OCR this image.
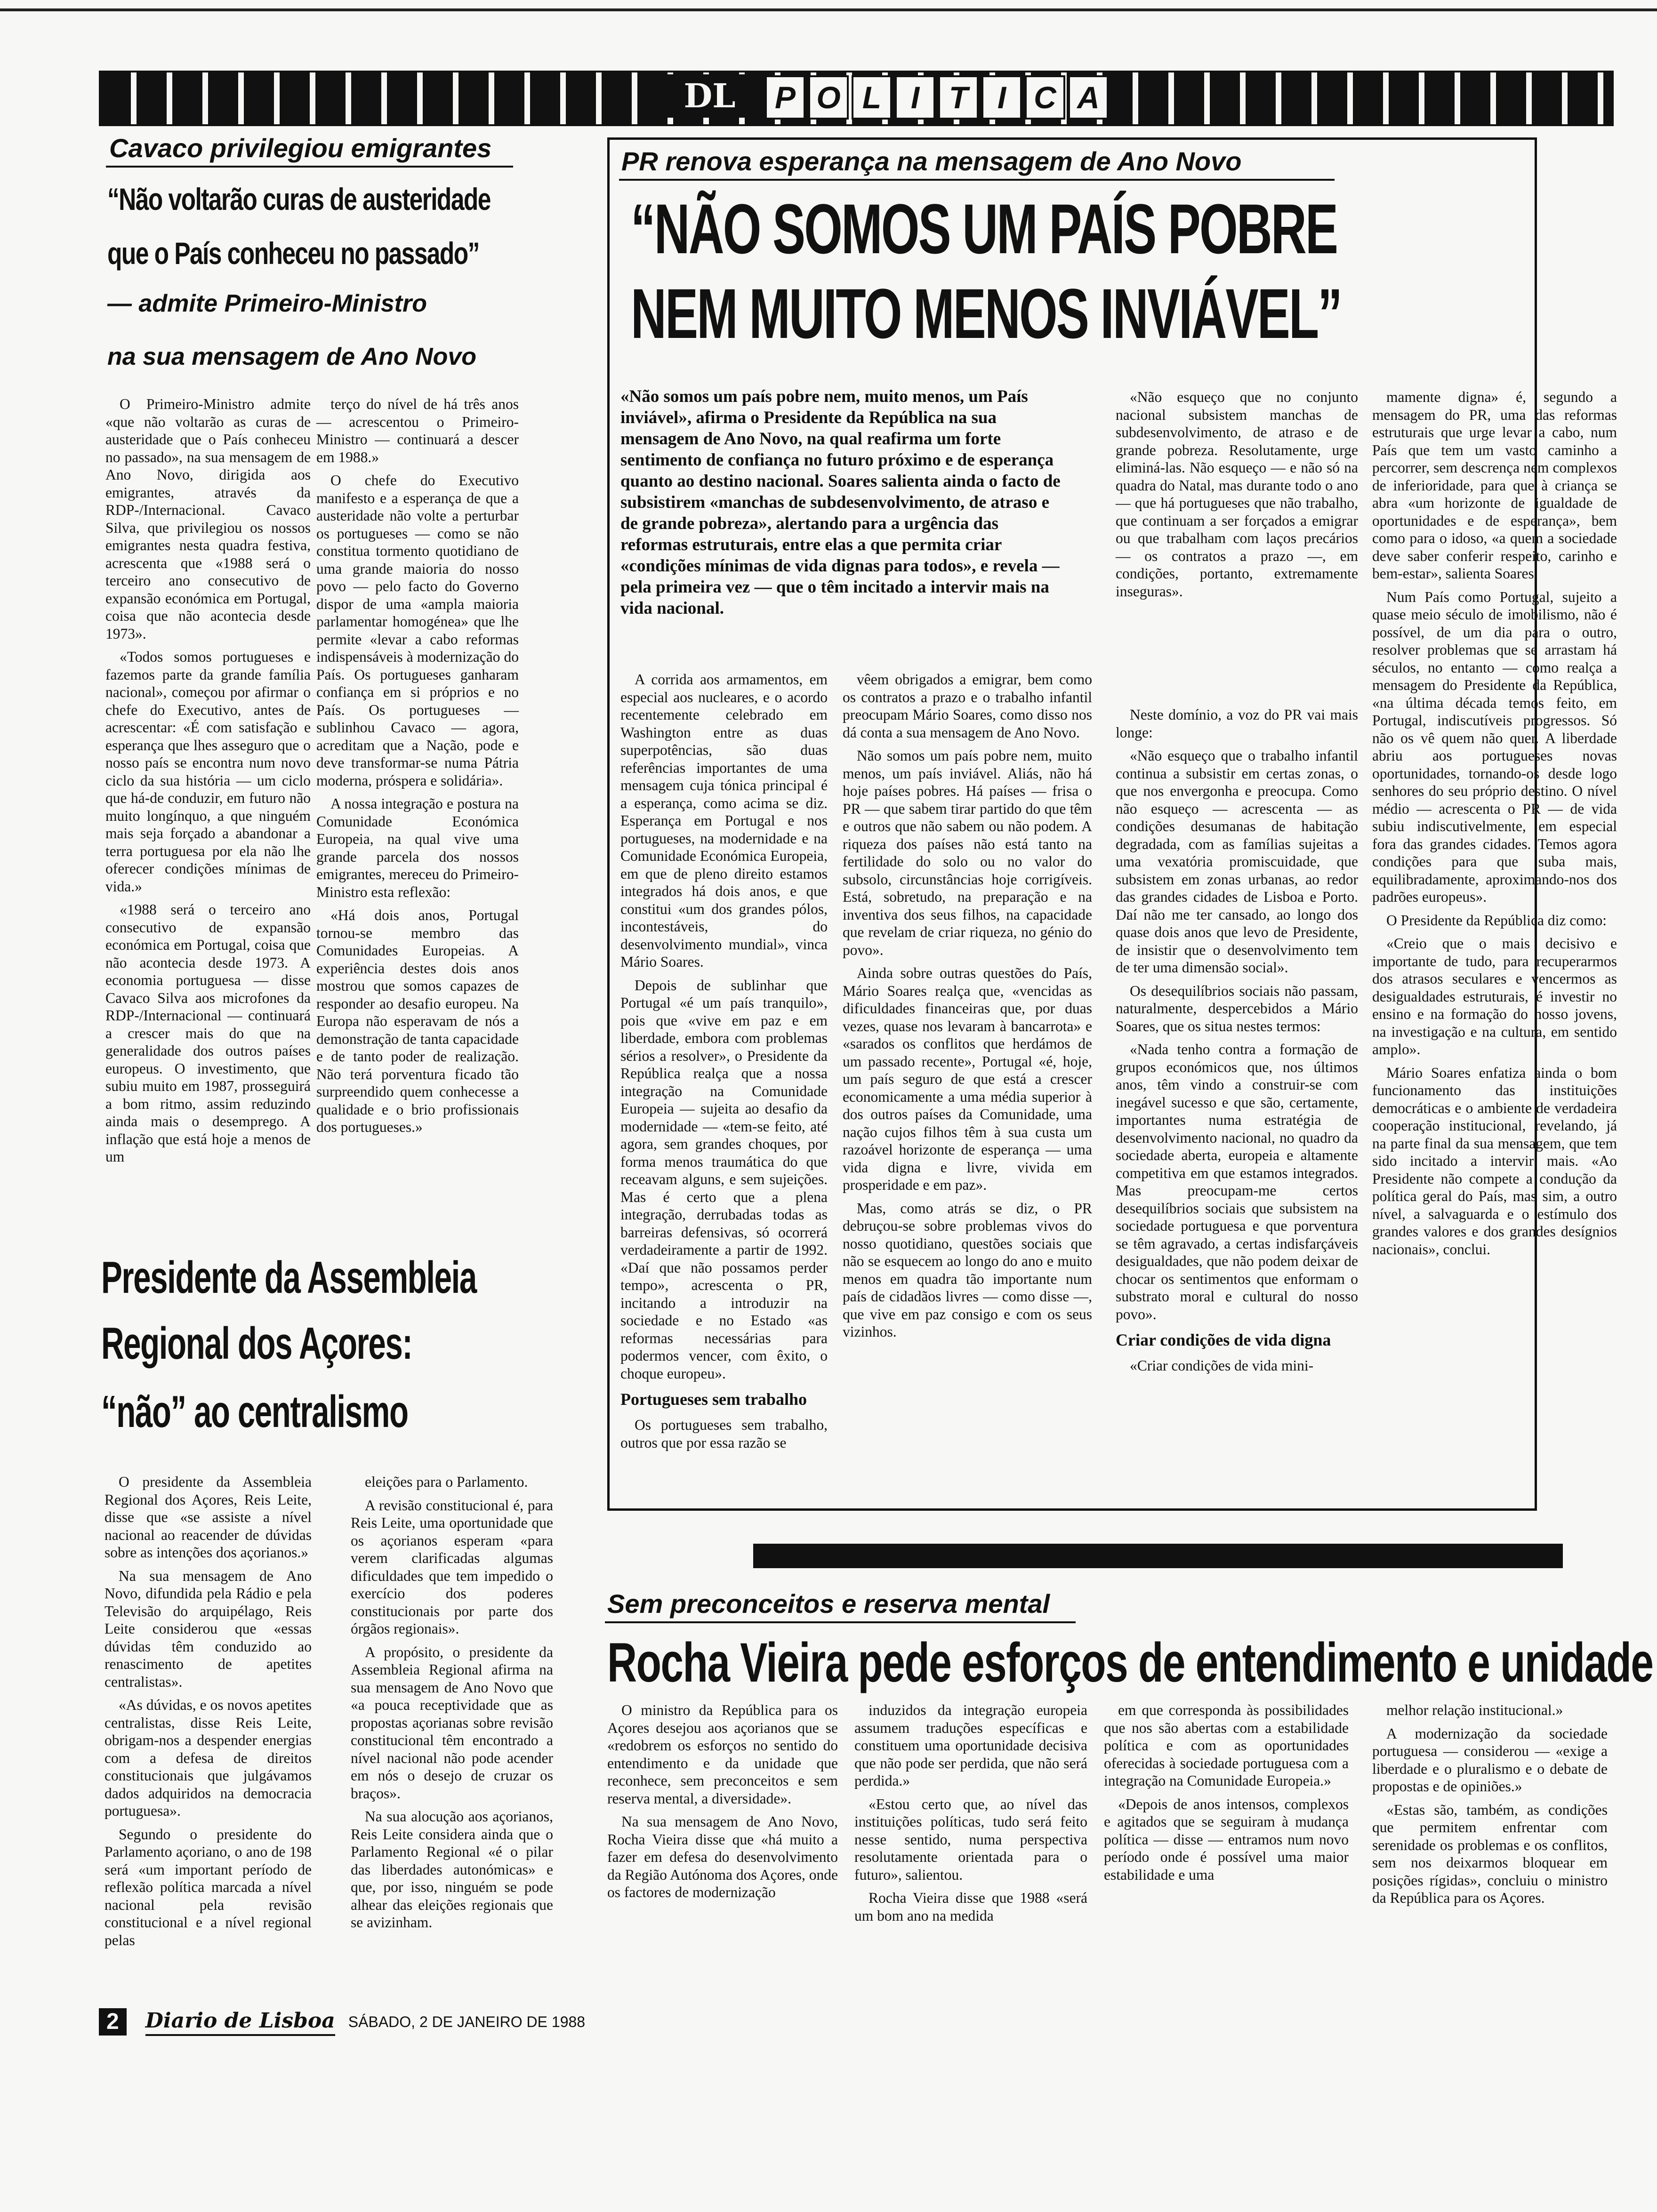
DL	P O L I T I C A
Cavaco privilegiou emigrantes
“Não voltarão curas de austeridade
que o País conheceu no passado”
— admite Primeiro-Ministro
na sua mensagem de Ano Novo

O Primeiro-Ministro admite «que não voltarão as curas de austeridade que o País conheceu no passado», na sua mensagem de Ano Novo, dirigida aos emigrantes, através da RDP-/Internacional. Cavaco Silva, que privilegiou os nossos emigrantes nesta quadra festiva, acrescenta que «1988 será o terceiro ano consecutivo de expansão económica em Portugal, coisa que não acontecia desde 1973».

«Todos somos portugueses e fazemos parte da grande família nacional», começou por afirmar o chefe do Executivo, antes de acrescentar: «É com satisfação e esperança que lhes asseguro que o nosso país se encontra num novo ciclo da sua história — um ciclo que há-de conduzir, em futuro não muito longínquo, a que ninguém mais seja forçado a abandonar a terra portuguesa por ela não lhe oferecer condições mínimas de vida.»

«1988 será o terceiro ano consecutivo de expansão económica em Portugal, coisa que não acontecia desde 1973. A economia portuguesa — disse Cavaco Silva aos microfones da RDP-/Internacional — continuará a crescer mais do que na generalidade dos outros países europeus. O investimento, que subiu muito em 1987, prosseguirá a bom ritmo, assim reduzindo ainda mais o desemprego. A inflação que está hoje a menos de um

terço do nível de há três anos — acrescentou o Primeiro-Ministro — continuará a descer em 1988.»

O chefe do Executivo manifesto e a esperança de que a austeridade não volte a perturbar os portugueses — como se não constitua tormento quotidiano de uma grande maioria do nosso povo — pelo facto do Governo dispor de uma «ampla maioria parlamentar homogénea» que lhe permite «levar a cabo reformas indispensáveis à modernização do País. Os portugueses ganharam confiança em si próprios e no País. Os portugueses — sublinhou Cavaco — agora, acreditam que a Nação, pode e deve transformar-se numa Pátria moderna, próspera e solidária».

A nossa integração e postura na Comunidade Económica Europeia, na qual vive uma grande parcela dos nossos emigrantes, mereceu do Primeiro-Ministro esta reflexão:

«Há dois anos, Portugal tornou-se membro das Comunidades Europeias. A experiência destes dois anos mostrou que somos capazes de responder ao desafio europeu. Na Europa não esperavam de nós a demonstração de tanta capacidade e de tanto poder de realização. Não terá porventura ficado tão surpreendido quem conhecesse a qualidade e o brio profissionais dos portugueses.»

PR renova esperança na mensagem de Ano Novo
“NÃO SOMOS UM PAÍS POBRE
NEM MUITO MENOS INVIÁVEL”

«Não somos um país pobre nem, muito menos, um País inviável», afirma o Presidente da República na sua mensagem de Ano Novo, na qual reafirma um forte sentimento de confiança no futuro próximo e de esperança quanto ao destino nacional. Soares salienta ainda o facto de subsistirem «manchas de subdesenvolvimento, de atraso e de grande pobreza», alertando para a urgência das reformas estruturais, entre elas a que permita criar «condições mínimas de vida dignas para todos», e revela — pela primeira vez — que o têm incitado a intervir mais na vida nacional.

«Não esqueço que no conjunto nacional subsistem manchas de subdesenvolvimento, de atraso e de grande pobreza. Resolutamente, urge eliminá-las. Não esqueço — e não só na quadra do Natal, mas durante todo o ano — que há portugueses que não trabalho, que continuam a ser forçados a emigrar ou que trabalham com laços precários — os contratos a prazo —, em condições, portanto, extremamente inseguras».

A corrida aos armamentos, em especial aos nucleares, e o acordo recentemente celebrado em Washington entre as duas superpotências, são duas referências importantes de uma mensagem cuja tónica principal é a esperança, como acima se diz. Esperança em Portugal e nos portugueses, na modernidade e na Comunidade Económica Europeia, em que de pleno direito estamos integrados há dois anos, e que constitui «um dos grandes pólos, incontestáveis, do desenvolvimento mundial», vinca Mário Soares.

Depois de sublinhar que Portugal «é um país tranquilo», pois que «vive em paz e em liberdade, embora com problemas sérios a resolver», o Presidente da República realça que a nossa integração na Comunidade Europeia — sujeita ao desafio da modernidade — «tem-se feito, até agora, sem grandes choques, por forma menos traumática do que receavam alguns, e sem sujeições. Mas é certo que a plena integração, derrubadas todas as barreiras defensivas, só ocorrerá verdadeiramente a partir de 1992. «Daí que não possamos perder tempo», acrescenta o PR, incitando a introduzir na sociedade e no Estado «as reformas necessárias para podermos vencer, com êxito, o choque europeu».

Portugueses sem trabalho

Os portugueses sem trabalho, outros que por essa razão se

vêem obrigados a emigrar, bem como os contratos a prazo e o trabalho infantil preocupam Mário Soares, como disso nos dá conta a sua mensagem de Ano Novo.

Não somos um país pobre nem, muito menos, um país inviável. Aliás, não há hoje países pobres. Há países — frisa o PR — que sabem tirar partido do que têm e outros que não sabem ou não podem. A riqueza dos países não está tanto na fertilidade do solo ou no valor do subsolo, circunstâncias hoje corrigíveis. Está, sobretudo, na preparação e na inventiva dos seus filhos, na capacidade que revelam de criar riqueza, no génio do povo».

Ainda sobre outras questões do País, Mário Soares realça que, «vencidas as dificuldades financeiras que, por duas vezes, quase nos levaram à bancarrota» e «sarados os conflitos que herdámos de um passado recente», Portugal «é, hoje, um país seguro de que está a crescer economicamente a uma média superior à dos outros países da Comunidade, uma nação cujos filhos têm à sua custa um razoável horizonte de esperança — uma vida digna e livre, vivida em prosperidade e em paz».

Mas, como atrás se diz, o PR debruçou-se sobre problemas vivos do nosso quotidiano, questões sociais que não se esquecem ao longo do ano e muito menos em quadra tão importante num país de cidadãos livres — como disse —, que vive em paz consigo e com os seus vizinhos.

Neste domínio, a voz do PR vai mais longe:

«Não esqueço que o trabalho infantil continua a subsistir em certas zonas, o que nos envergonha e preocupa. Como não esqueço — acrescenta — as condições desumanas de habitação degradada, com as famílias sujeitas a uma vexatória promiscuidade, que subsistem em zonas urbanas, ao redor das grandes cidades de Lisboa e Porto. Daí não me ter cansado, ao longo dos quase dois anos que levo de Presidente, de insistir que o desenvolvimento tem de ter uma dimensão social».

Os desequilíbrios sociais não passam, naturalmente, despercebidos a Mário Soares, que os situa nestes termos:

«Nada tenho contra a formação de grupos económicos que, nos últimos anos, têm vindo a construir-se com inegável sucesso e que são, certamente, importantes numa estratégia de desenvolvimento nacional, no quadro da sociedade aberta, europeia e altamente competitiva em que estamos integrados. Mas preocupam-me certos desequilíbrios sociais que subsistem na sociedade portuguesa e que porventura se têm agravado, a certas indisfarçáveis desigualdades, que não podem deixar de chocar os sentimentos que enformam o substrato moral e cultural do nosso povo».

Criar condições de vida digna

«Criar condições de vida mini-

mamente digna» é, segundo a mensagem do PR, uma das reformas estruturais que urge levar a cabo, num País que tem um vasto caminho a percorrer, sem descrença nem complexos de inferioridade, para que à criança se abra «um horizonte de igualdade de oportunidades e de esperança», bem como para o idoso, «a quem a sociedade deve saber conferir respeito, carinho e bem-estar», salienta Soares.

Num País como Portugal, sujeito a quase meio século de imobilismo, não é possível, de um dia para o outro, resolver problemas que se arrastam há séculos, no entanto — como realça a mensagem do Presidente da República, «na última década temos feito, em Portugal, indiscutíveis progressos. Só não os vê quem não quer. A liberdade abriu aos portugueses novas oportunidades, tornando-os desde logo senhores do seu próprio destino. O nível médio — acrescenta o PR — de vida subiu indiscutivelmente, em especial fora das grandes cidades. Temos agora condições para que suba mais, equilibradamente, aproximando-nos dos padrões europeus».

O Presidente da República diz como:

«Creio que o mais decisivo e importante de tudo, para recuperarmos dos atrasos seculares e vencermos as desigualdades estruturais, é investir no ensino e na formação do nosso jovens, na investigação e na cultura, em sentido amplo».

Mário Soares enfatiza ainda o bom funcionamento das instituições democráticas e o ambiente de verdadeira cooperação institucional, revelando, já na parte final da sua mensagem, que tem sido incitado a intervir mais. «Ao Presidente não compete a condução da política geral do País, mas sim, a outro nível, a salvaguarda e o estímulo dos grandes valores e dos grandes desígnios nacionais», conclui.

Presidente da Assembleia
Regional dos Açores:
“não” ao centralismo

O presidente da Assembleia Regional dos Açores, Reis Leite, disse que «se assiste a nível nacional ao reacender de dúvidas sobre as intenções dos açorianos.»

Na sua mensagem de Ano Novo, difundida pela Rádio e pela Televisão do arquipélago, Reis Leite considerou que «essas dúvidas têm conduzido ao renascimento de apetites centralistas».

«As dúvidas, e os novos apetites centralistas, disse Reis Leite, obrigam-nos a despender energias com a defesa de direitos constitucionais que julgávamos dados adquiridos na democracia portuguesa».

Segundo o presidente do Parlamento açoriano, o ano de 198 será «um important período de reflexão política marcada a nível nacional pela revisão constitucional e a nível regional pelas

eleições para o Parlamento.

A revisão constitucional é, para Reis Leite, uma oportunidade que os açorianos esperam «para verem clarificadas algumas dificuldades que tem impedido o exercício dos poderes constitucionais por parte dos órgãos regionais».

A propósito, o presidente da Assembleia Regional afirma na sua mensagem de Ano Novo que «a pouca receptividade que as propostas açorianas sobre revisão constitucional têm encontrado a nível nacional não pode acender em nós o desejo de cruzar os braços».

Na sua alocução aos açorianos, Reis Leite considera ainda que o Parlamento Regional «é o pilar das liberdades autonómicas» e que, por isso, ninguém se pode alhear das eleições regionais que se avizinham.

Sem preconceitos e reserva mental
Rocha Vieira pede esforços de entendimento e unidade

O ministro da República para os Açores desejou aos açorianos que se «redobrem os esforços no sentido do entendimento e da unidade que reconhece, sem preconceitos e sem reserva mental, a diversidade».

Na sua mensagem de Ano Novo, Rocha Vieira disse que «há muito a fazer em defesa do desenvolvimento da Região Autónoma dos Açores, onde os factores de modernização

induzidos da integração europeia assumem traduções específicas e constituem uma oportunidade decisiva que não pode ser perdida, que não será perdida.»

«Estou certo que, ao nível das instituições políticas, tudo será feito nesse sentido, numa perspectiva resolutamente orientada para o futuro», salientou.

Rocha Vieira disse que 1988 «será um bom ano na medida

em que corresponda às possibilidades que nos são abertas com a estabilidade política e com as oportunidades oferecidas à sociedade portuguesa com a integração na Comunidade Europeia.»

«Depois de anos intensos, complexos e agitados que se seguiram à mudança política — disse — entramos num novo período onde é possível uma maior estabilidade e uma

melhor relação institucional.»

A modernização da sociedade portuguesa — considerou — «exige a liberdade e o pluralismo e o debate de propostas e de opiniões.»

«Estas são, também, as condições que permitem enfrentar com serenidade os problemas e os conflitos, sem nos deixarmos bloquear em posições rígidas», concluiu o ministro da República para os Açores.

2	Diario de Lisboa SÁBADO, 2 DE JANEIRO DE 1988
